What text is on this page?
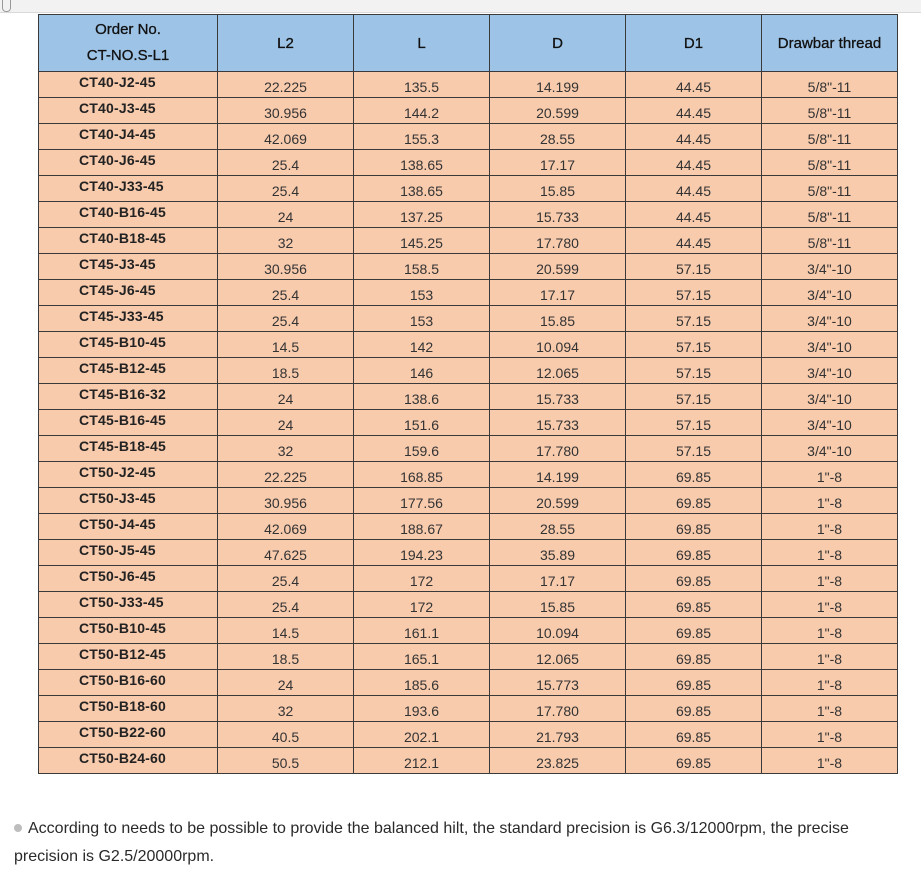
Order No.
CT-NO.S-L1	L2	L	D	D1	Drawbar thread
CT40-J2-45	22.225	135.5	14.199	44.45	5/8"-11
CT40-J3-45	30.956	144.2	20.599	44.45	5/8"-11
CT40-J4-45	42.069	155.3	28.55	44.45	5/8"-11
CT40-J6-45	25.4	138.65	17.17	44.45	5/8"-11
CT40-J33-45	25.4	138.65	15.85	44.45	5/8"-11
CT40-B16-45	24	137.25	15.733	44.45	5/8"-11
CT40-B18-45	32	145.25	17.780	44.45	5/8"-11
CT45-J3-45	30.956	158.5	20.599	57.15	3/4"-10
CT45-J6-45	25.4	153	17.17	57.15	3/4"-10
CT45-J33-45	25.4	153	15.85	57.15	3/4"-10
CT45-B10-45	14.5	142	10.094	57.15	3/4"-10
CT45-B12-45	18.5	146	12.065	57.15	3/4"-10
CT45-B16-32	24	138.6	15.733	57.15	3/4"-10
CT45-B16-45	24	151.6	15.733	57.15	3/4"-10
CT45-B18-45	32	159.6	17.780	57.15	3/4"-10
CT50-J2-45	22.225	168.85	14.199	69.85	1"-8
CT50-J3-45	30.956	177.56	20.599	69.85	1"-8
CT50-J4-45	42.069	188.67	28.55	69.85	1"-8
CT50-J5-45	47.625	194.23	35.89	69.85	1"-8
CT50-J6-45	25.4	172	17.17	69.85	1"-8
CT50-J33-45	25.4	172	15.85	69.85	1"-8
CT50-B10-45	14.5	161.1	10.094	69.85	1"-8
CT50-B12-45	18.5	165.1	12.065	69.85	1"-8
CT50-B16-60	24	185.6	15.773	69.85	1"-8
CT50-B18-60	32	193.6	17.780	69.85	1"-8
CT50-B22-60	40.5	202.1	21.793	69.85	1"-8
CT50-B24-60	50.5	212.1	23.825	69.85	1"-8
According to needs to be possible to provide the balanced hilt, the standard precision is G6.3/12000rpm, the precise precision is G2.5/20000rpm.
